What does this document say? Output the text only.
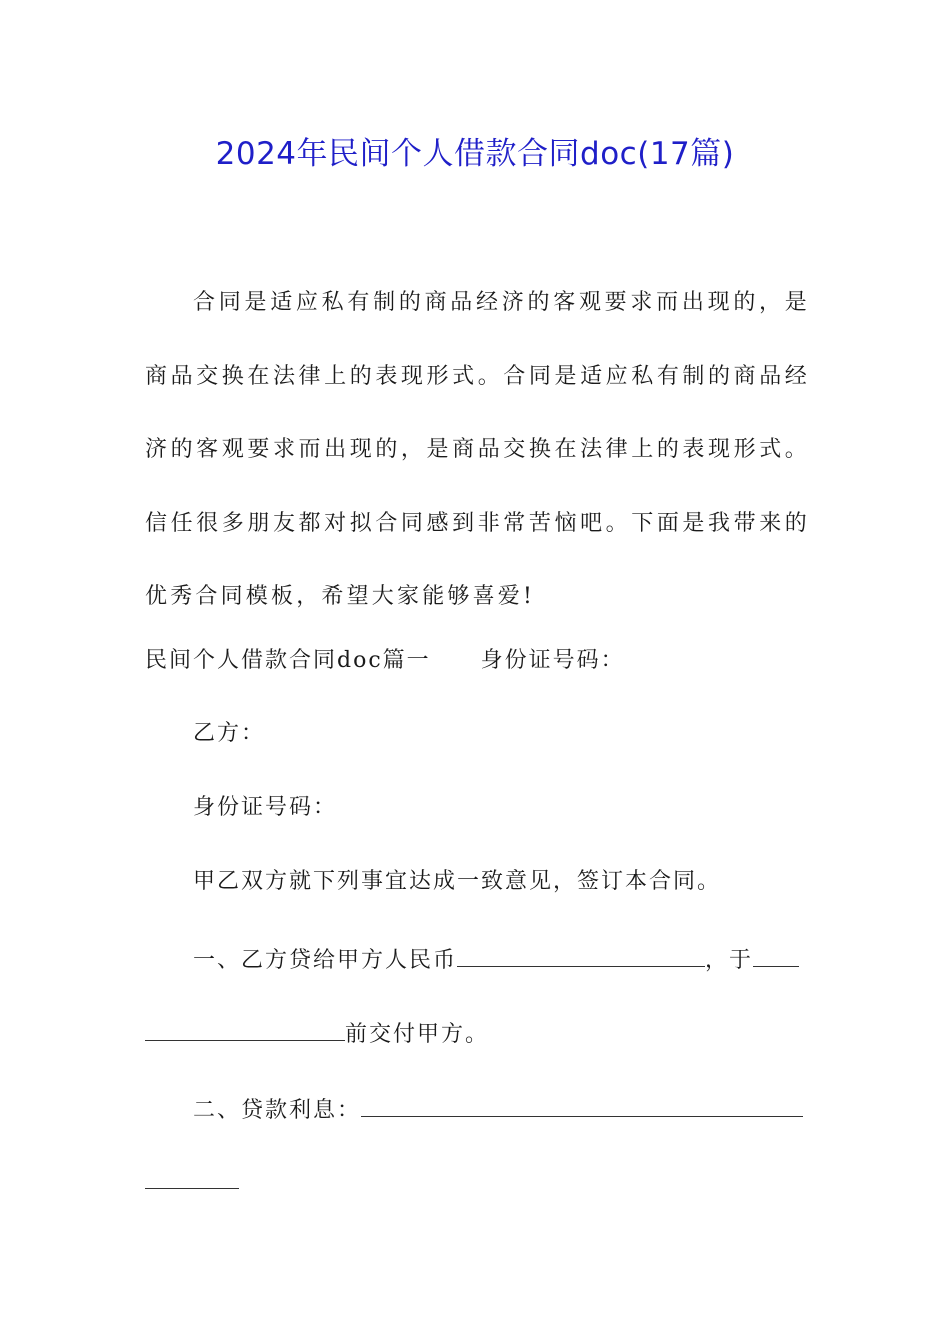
2024年民间个人借款合同doc(17篇)
合同是适应私有制的商品经济的客观要求而出现的，是商品交换在法律上的表现形式。合同是适应私有制的商品经济的客观要求而出现的，是商品交换在法律上的表现形式。信任很多朋友都对拟合同感到非常苦恼吧。下面是我带来的优秀合同模板，希望大家能够喜爱!
民间个人借款合同doc篇一 身份证号码：
乙方：
身份证号码：
甲乙双方就下列事宜达成一致意见，签订本合同。
一、乙方贷给甲方人民币	，于
前交付甲方。
二、贷款利息：
